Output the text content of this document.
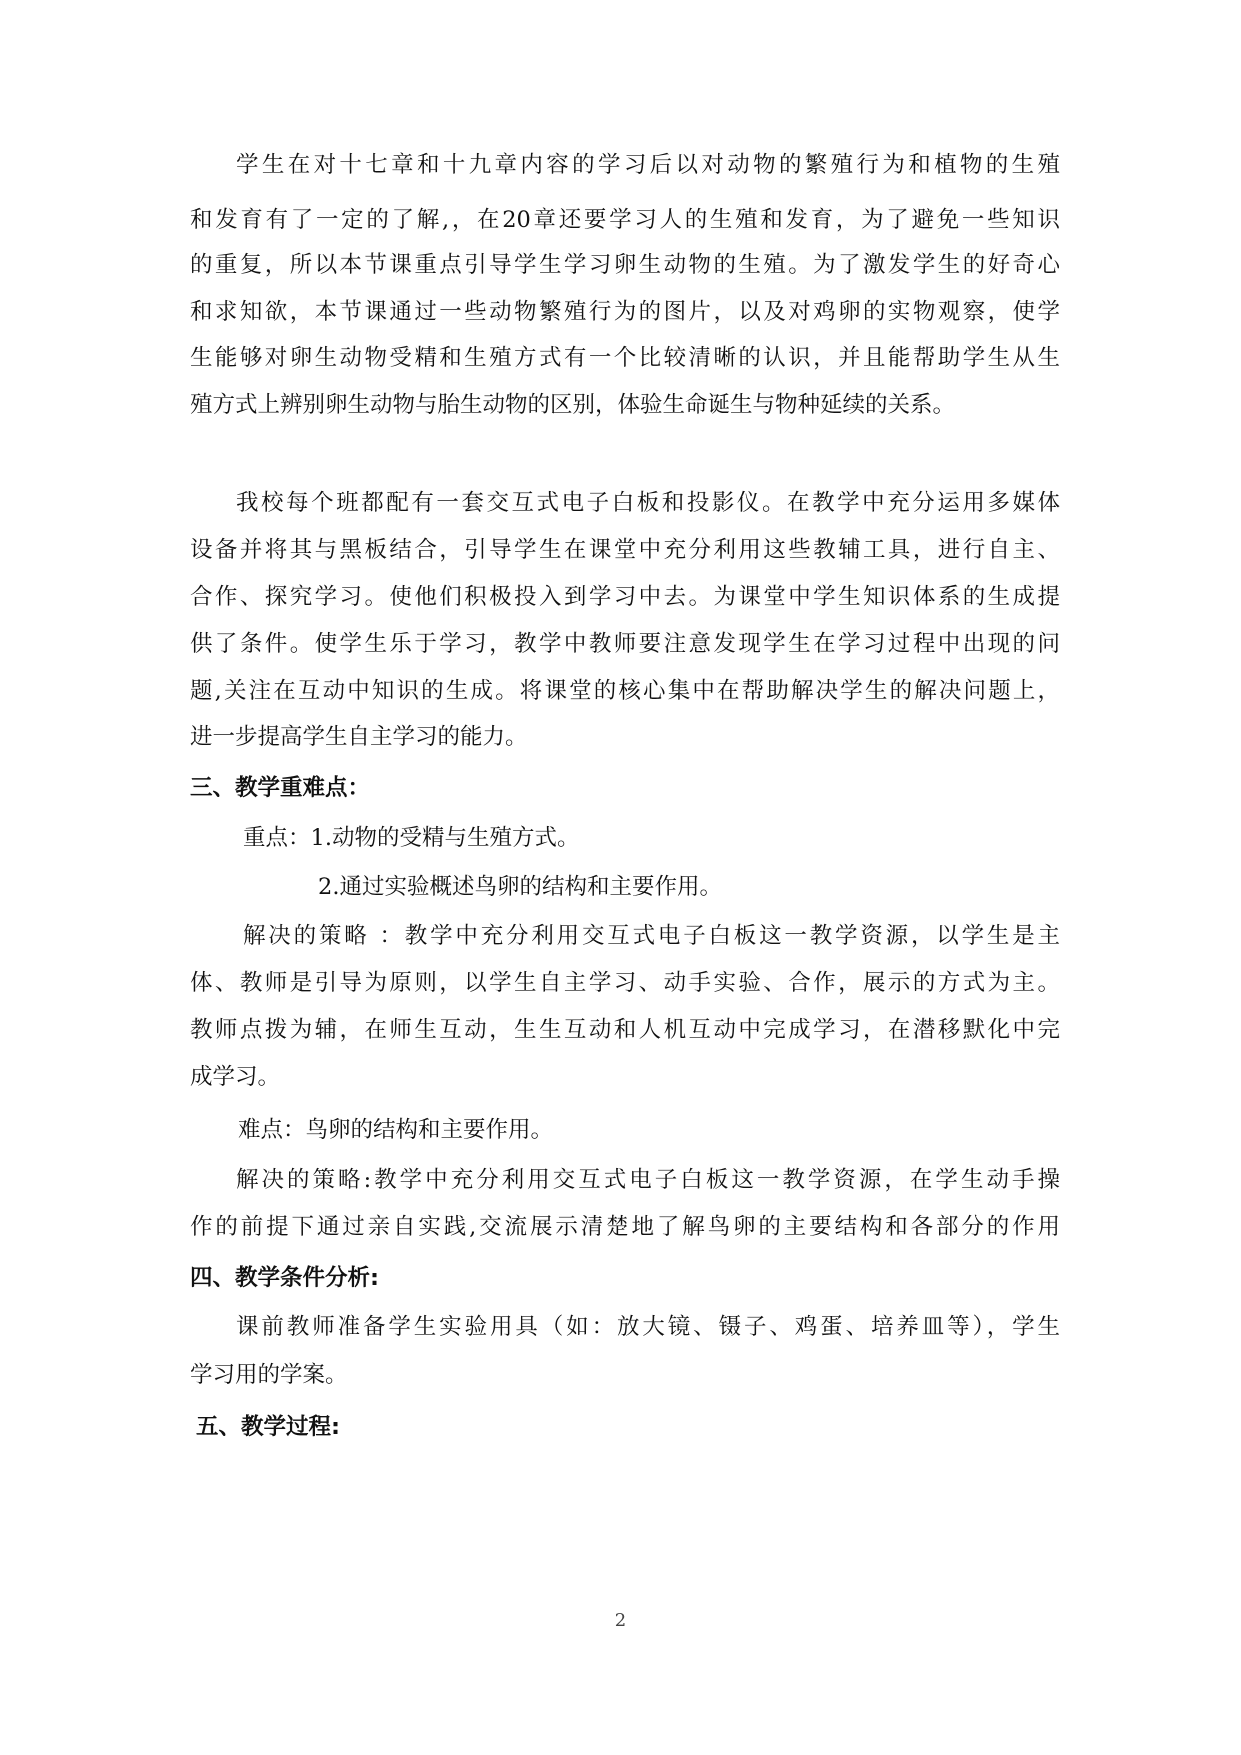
学生在对十七章和十九章内容的学习后以对动物的繁殖行为和植物的生殖
和发育有了一定的了解,，在20章还要学习人的生殖和发育，为了避免一些知识
的重复，所以本节课重点引导学生学习卵生动物的生殖。为了激发学生的好奇心
和求知欲，本节课通过一些动物繁殖行为的图片，以及对鸡卵的实物观察，使学
生能够对卵生动物受精和生殖方式有一个比较清晰的认识，并且能帮助学生从生
殖方式上辨别卵生动物与胎生动物的区别，体验生命诞生与物种延续的关系。
我校每个班都配有一套交互式电子白板和投影仪。在教学中充分运用多媒体
设备并将其与黑板结合，引导学生在课堂中充分利用这些教辅工具，进行自主、
合作、探究学习。使他们积极投入到学习中去。为课堂中学生知识体系的生成提
供了条件。使学生乐于学习，教学中教师要注意发现学生在学习过程中出现的问
题,关注在互动中知识的生成。将课堂的核心集中在帮助解决学生的解决问题上，
进一步提高学生自主学习的能力。
三、教学重难点：
重点：1.动物的受精与生殖方式。
2.通过实验概述鸟卵的结构和主要作用。
解决的策略 ：教学中充分利用交互式电子白板这一教学资源，以学生是主
体、教师是引导为原则，以学生自主学习、动手实验、合作，展示的方式为主。
教师点拨为辅，在师生互动，生生互动和人机互动中完成学习，在潜移默化中完
成学习。
难点：鸟卵的结构和主要作用。
解决的策略:教学中充分利用交互式电子白板这一教学资源，在学生动手操
作的前提下通过亲自实践,交流展示清楚地了解鸟卵的主要结构和各部分的作用
四、教学条件分析:
课前教师准备学生实验用具（如：放大镜、镊子、鸡蛋、培养皿等），学生
学习用的学案。
五、教学过程:
2
